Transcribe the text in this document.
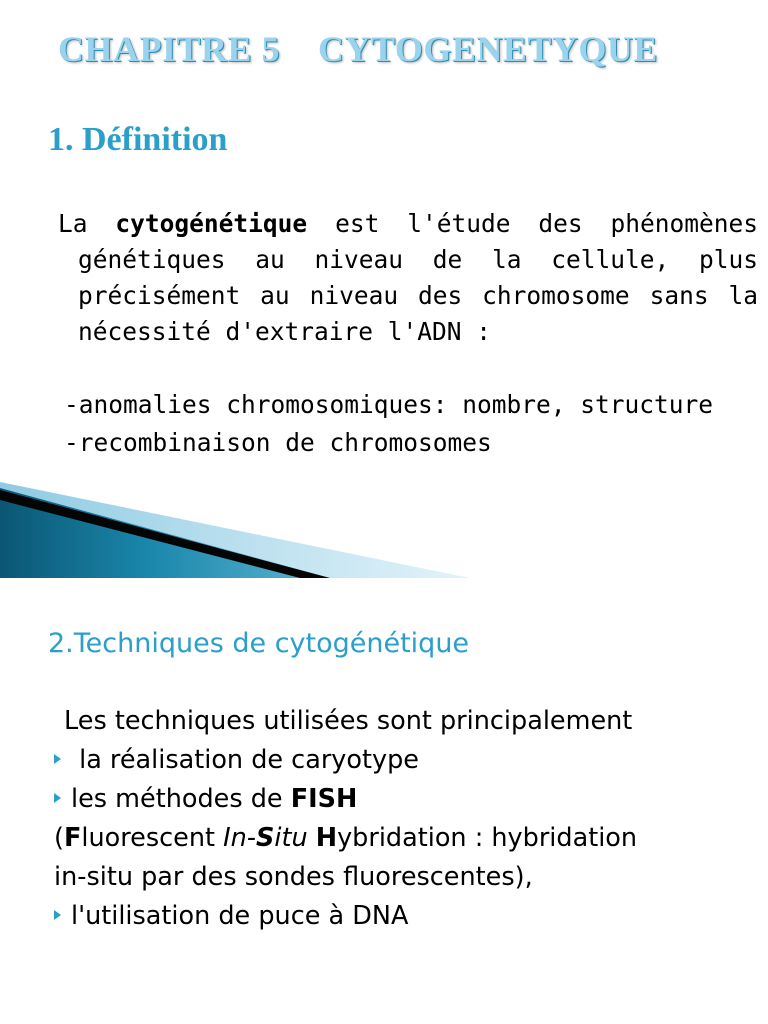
CHAPITRE 5    CYTOGENETYQUE
1. Définition

La cytogénétique est l'étude des phénomènes génétiques au niveau de la cellule, plus précisément au niveau des chromosome sans la nécessité d'extraire l'ADN :

-anomalies chromosomiques: nombre, structure
-recombinaison de chromosomes
2.Techniques de cytogénétique
Les techniques utilisées sont principalement
la réalisation de caryotype
les méthodes de FISH
(Fluorescent In-Situ Hybridation : hybridation
in-situ par des sondes fluorescentes),
l'utilisation de puce à DNA
